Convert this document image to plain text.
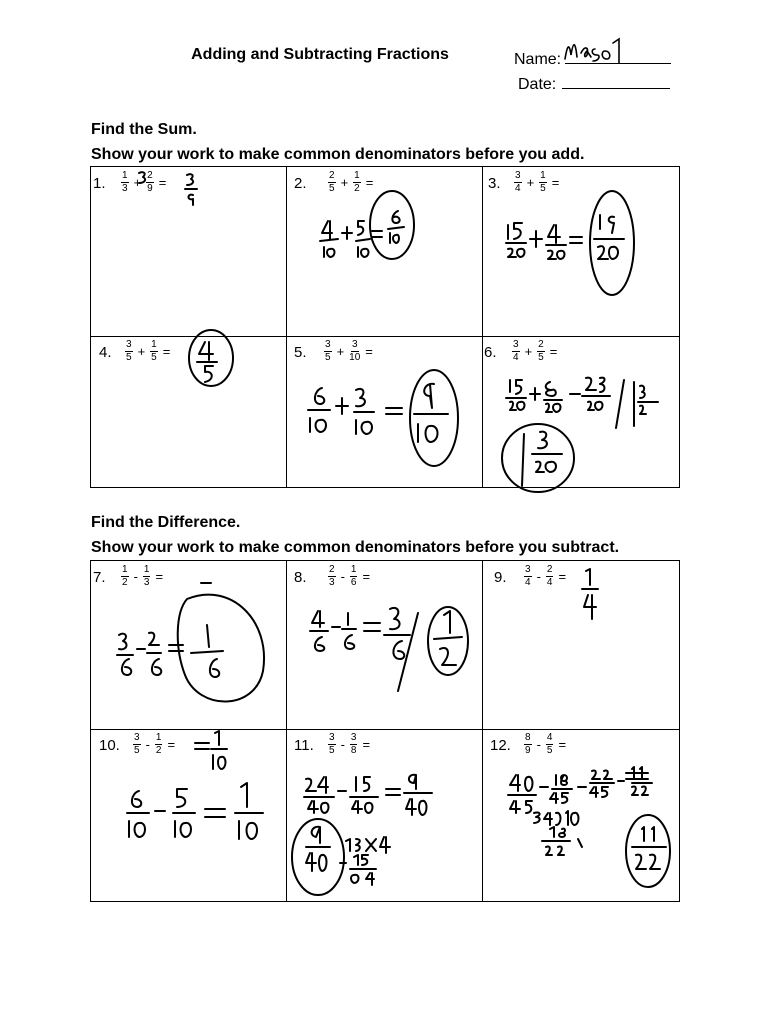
Adding and Subtracting Fractions	Name:
Date:
Find the Sum.
Show your work to make common denominators before you add.
1. $\frac{1}{3} + \frac{2}{9}$ =	2. $\frac{2}{5} + \frac{1}{2}$ =	3. $\frac{3}{4} + \frac{1}{5}$ =
4. $\frac{3}{5} + \frac{1}{5}$ =	5. $\frac{3}{5} + \frac{3}{10}$ =	6. $\frac{3}{4} + \frac{2}{5}$ =
Find the Difference.
Show your work to make common denominators before you subtract.
7. $\frac{1}{2} - \frac{1}{3}$ =	8. $\frac{2}{3} - \frac{1}{6}$ =	9. $\frac{3}{4} - \frac{2}{4}$ =
10. $\frac{3}{5} - \frac{1}{2}$ =	11. $\frac{3}{5} - \frac{3}{8}$ =	12. $\frac{8}{9} - \frac{4}{5}$ =
